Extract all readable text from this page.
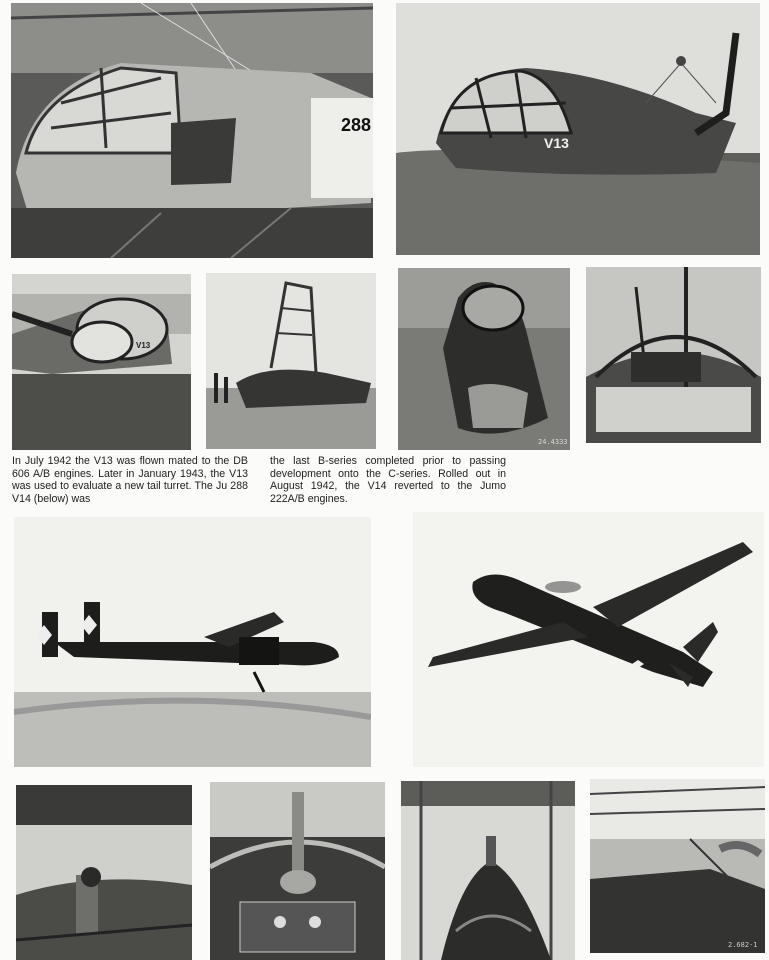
288
V13
V13
24.4333

In July 1942 the V13 was flown mated to the DB 606 A/B engines. Later in January 1943, the V13 was used to evaluate a new tail turret. The Ju 288 V14 (below) was

the last B-series completed prior to passing development onto the C-series. Rolled out in August 1942, the V14 reverted to the Jumo 222A/B engines.

2.682-1
